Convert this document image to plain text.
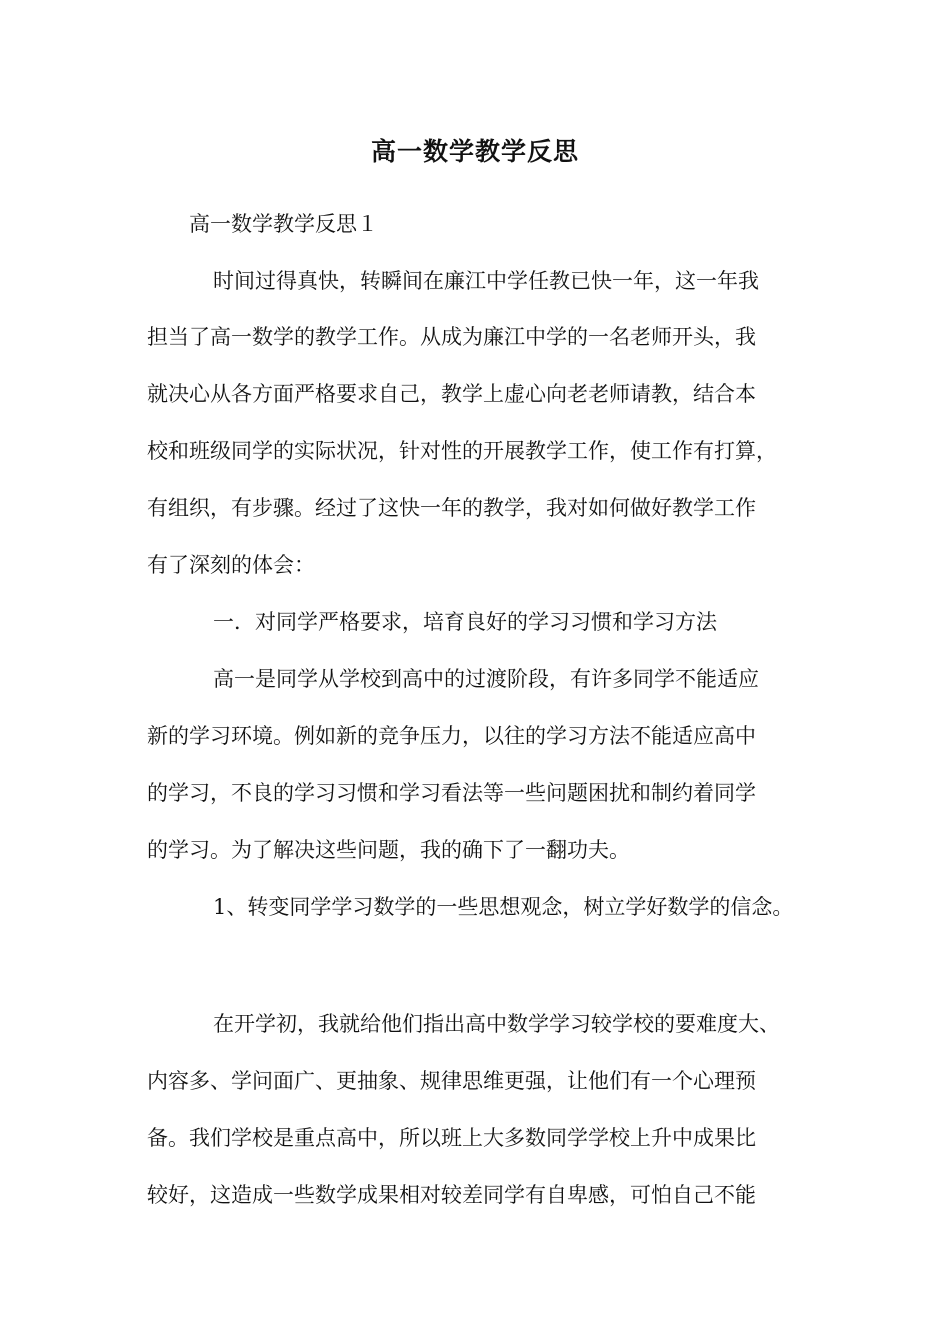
高一数学教学反思
高一数学教学反思１
时间过得真快，转瞬间在廉江中学任教已快一年，这一年我
担当了高一数学的教学工作。从成为廉江中学的一名老师开头，我
就决心从各方面严格要求自己，教学上虚心向老老师请教，结合本
校和班级同学的实际状况，针对性的开展教学工作，使工作有打算，
有组织，有步骤。经过了这快一年的教学，我对如何做好教学工作
有了深刻的体会：
一．对同学严格要求，培育良好的学习习惯和学习方法
高一是同学从学校到高中的过渡阶段，有许多同学不能适应
新的学习环境。例如新的竞争压力，以往的学习方法不能适应高中
的学习，不良的学习习惯和学习看法等一些问题困扰和制约着同学
的学习。为了解决这些问题，我的确下了一翻功夫。
1、转变同学学习数学的一些思想观念，树立学好数学的信念。
在开学初，我就给他们指出高中数学学习较学校的要难度大、
内容多、学问面广、更抽象、规律思维更强，让他们有一个心理预
备。我们学校是重点高中，所以班上大多数同学学校上升中成果比
较好，这造成一些数学成果相对较差同学有自卑感，可怕自己不能
